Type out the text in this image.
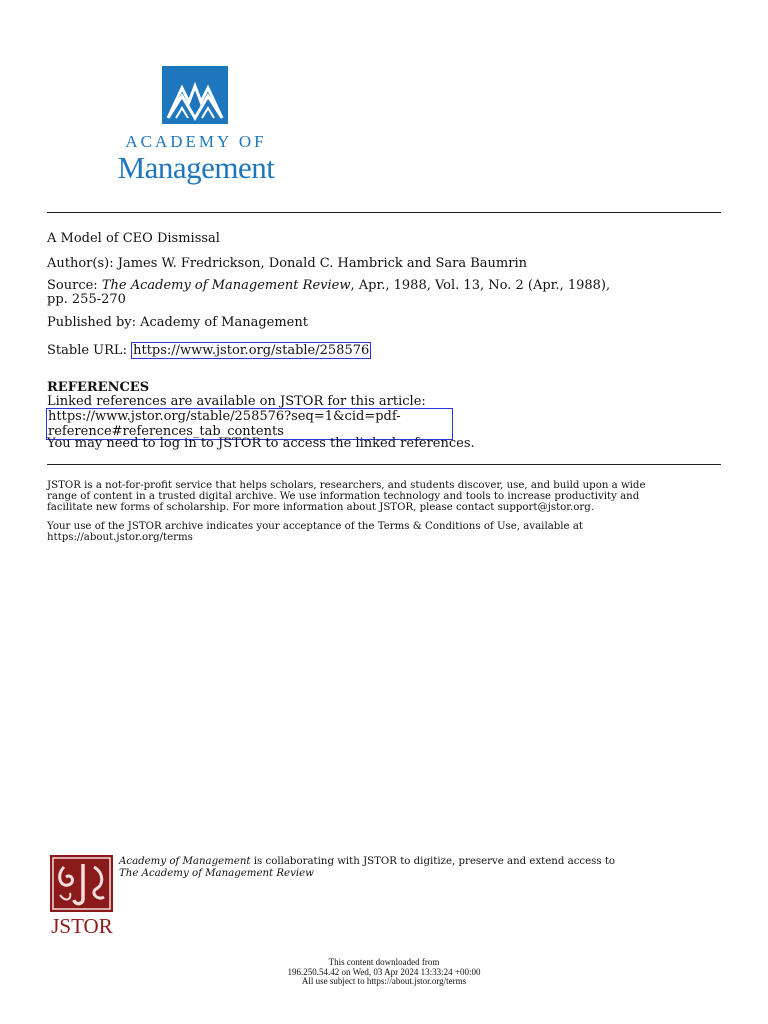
ACADEMY OF
Management
A Model of CEO Dismissal
Author(s): James W. Fredrickson, Donald C. Hambrick and Sara Baumrin
Source: The Academy of Management Review, Apr., 1988, Vol. 13, No. 2 (Apr., 1988),
pp. 255-270
Published by: Academy of Management
Stable URL: https://www.jstor.org/stable/258576
REFERENCES
Linked references are available on JSTOR for this article:
https://www.jstor.org/stable/258576?seq=1&cid=pdf-
reference#references_tab_contents
You may need to log in to JSTOR to access the linked references.
JSTOR is a not-for-profit service that helps scholars, researchers, and students discover, use, and build upon a wide
range of content in a trusted digital archive. We use information technology and tools to increase productivity and
facilitate new forms of scholarship. For more information about JSTOR, please contact support@jstor.org.
Your use of the JSTOR archive indicates your acceptance of the Terms & Conditions of Use, available at
https://about.jstor.org/terms
JSTOR
Academy of Management is collaborating with JSTOR to digitize, preserve and extend access to
The Academy of Management Review
This content downloaded from
196.250.54.42 on Wed, 03 Apr 2024 13:33:24 +00:00
All use subject to https://about.jstor.org/terms
